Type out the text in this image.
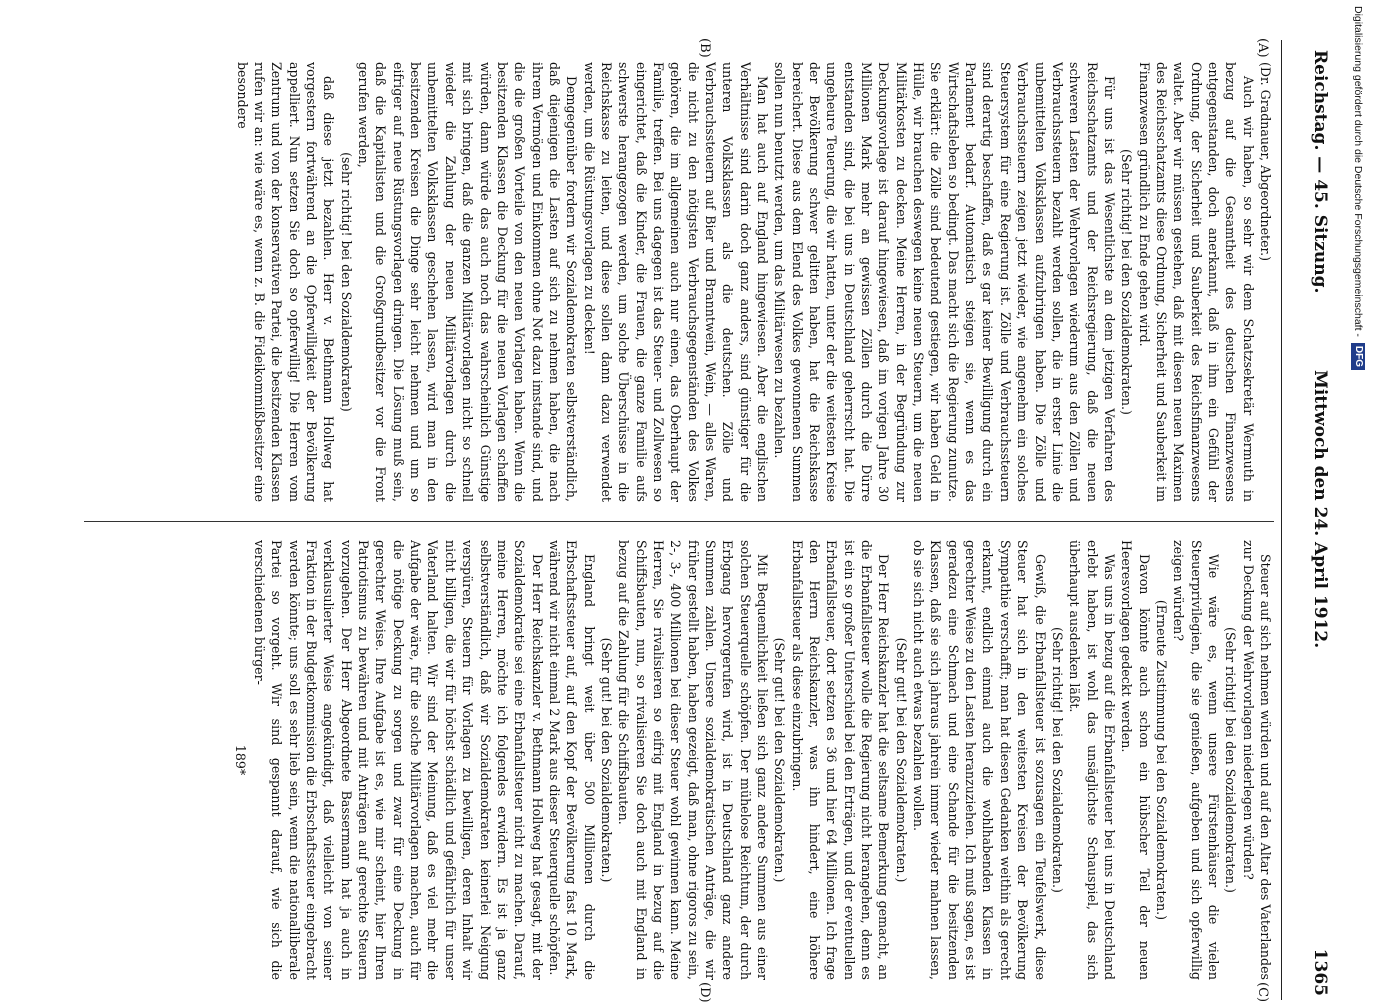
Reichstag. — 45. Sitzung.
Mittwoch den 24. April 1912.
1365
(A)
(B)
(C)
(D)

(Dr. Gradnauer, Abgeordneter.)

Auch wir haben, so sehr wir dem Schatzsekretär Wermuth in bezug auf die Gesamtheit des deutschen Finanzwesens entgegenstanden, doch anerkannt, daß in ihm ein Gefühl der Ordnung, der Sicherheit und Sauberkeit des Reichsfinanzwesens waltet. Aber wir müssen gestehen, daß mit diesen neuen Maximen des Reichsschatzamts diese Ordnung, Sicherheit und Sauberkeit im Finanzwesen gründlich zu Ende gehen wird.

(Sehr richtig! bei den Sozialdemokraten.)

Für uns ist das Wesentlichste an dem jetzigen Verfahren des Reichsschatzamts und der Reichsregierung, daß die neuen schweren Lasten der Wehrvorlagen wiederum aus den Zöllen und Verbrauchssteuern bezahlt werden sollen, die in erster Linie die unbemittelten Volksklassen aufzubringen haben. Die Zölle und Verbrauchssteuern zeigen jetzt wieder, wie angenehm ein solches Steuersystem für eine Regierung ist. Zölle und Verbrauchssteuern sind derartig beschaffen, daß es gar keiner Bewilligung durch ein Parlament bedarf. Automatisch steigen sie, wenn es das Wirtschaftsleben so bedingt. Das macht sich die Regierung zunutze. Sie erklärt: die Zölle sind bedeutend gestiegen, wir haben Geld in Hülle, wir brauchen deswegen keine neuen Steuern, um die neuen Militärkosten zu decken. Meine Herren, in der Begründung zur Deckungsvorlage ist darauf hingewiesen, daß im vorigen Jahre 30 Millionen Mark mehr an gewissen Zöllen durch die Dürre entstanden sind, die bei uns in Deutschland geherrscht hat. Die ungeheure Teuerung, die wir hatten, unter der die weitesten Kreise der Bevölkerung schwer gelitten haben, hat die Reichskasse bereichert. Diese aus dem Elend des Volkes gewonnenen Summen sollen nun benutzt werden, um das Militärwesen zu bezahlen.

Man hat auch auf England hingewiesen. Aber die englischen Verhältnisse sind darin doch ganz anders, sind günstiger für die unteren Volksklassen als die deutschen. Zölle und Verbrauchssteuern auf Bier und Branntwein, Wein, — alles Waren, die nicht zu den nötigsten Verbrauchsgegenständen des Volkes gehören, die im allgemeinen auch nur einen, das Oberhaupt der Familie, treffen. Bei uns dagegen ist das Steuer- und Zollwesen so eingerichtet, daß die Kinder, die Frauen, die ganze Familie aufs schwerste herangezogen werden, um solche Überschüsse in die Reichskasse zu leiten, und diese sollen dann dazu verwendet werden, um die Rüstungsvorlagen zu decken!

Demgegenüber fordern wir Sozialdemokraten selbstverständlich, daß diejenigen die Lasten auf sich zu nehmen haben, die nach ihrem Vermögen und Einkommen ohne Not dazu imstande sind, und die die großen Vorteile von den neuen Vorlagen haben. Wenn die besitzenden Klassen die Deckung für die neuen Vorlagen schaffen würden, dann würde das auch noch das wahrscheinlich Günstige mit sich bringen, daß die ganzen Militärvorlagen nicht so schnell wieder die Zahlung der neuen Militärvorlagen durch die unbemittelten Volksklassen geschehen lassen, wird man in den besitzenden Kreisen die Dinge sehr leicht nehmen und um so eifriger auf neue Rüstungsvorlagen dringen. Die Lösung muß sein, daß die Kapitalisten und die Großgrundbesitzer vor die Front gerufen werden,

(sehr richtig! bei den Sozialdemokraten)

daß diese jetzt bezahlen. Herr v. Bethmann Hollweg hat vorgestern fortwährend an die Opferwilligkeit der Bevölkerung appelliert. Nun setzen Sie doch so opferwillig! Die Herren vom Zentrum und von der konservativen Partei, die besitzenden Klassen rufen wir an: wie wäre es, wenn z. B. die Fideikommißbesitzer eine besondere

Steuer auf sich nehmen würden und auf den Altar des Vaterlandes zur Deckung der Wehrvorlagen niederlegen würden?

(Sehr richtig! bei den Sozialdemokraten.)

Wie wäre es, wenn unsere Fürstenhäuser die vielen Steuerprivilegien, die sie genießen, aufgeben und sich opferwillig zeigen würden?

(Erneute Zustimmung bei den Sozialdemokraten.)

Davon könnte auch schon ein hübscher Teil der neuen Heeresvorlagen gedeckt werden.

Was uns in bezug auf die Erbanfallsteuer bei uns in Deutschland erlebt haben, ist wohl das unsäglichste Schauspiel, das sich überhaupt ausdenken läßt.

(Sehr richtig! bei den Sozialdemokraten.)

Gewiß, die Erbanfallsteuer ist sozusagen ein Teufelswerk, diese Steuer hat sich in den weitesten Kreisen der Bevölkerung Sympathie verschafft; man hat diesen Gedanken weithin als gerecht erkannt, endlich einmal auch die wohlhabenden Klassen in gerechter Weise zu den Lasten heranzuziehen. Ich muß sagen, es ist geradezu eine Schmach und eine Schande für die besitzenden Klassen, daß sie sich jahraus jahrein immer wieder mahnen lassen, ob sie sich nicht auch etwas bezahlen wollen.

(Sehr gut! bei den Sozialdemokraten.)

Der Herr Reichskanzler hat die seltsame Bemerkung gemacht, an die Erbanfallsteuer wolle die Regierung nicht herangehen, denn es ist ein so großer Unterschied bei den Erträgen, und der eventuellen Erbanfallsteuer, dort setzen es 36 und hier 64 Millionen. Ich frage den Herrn Reichskanzler, was ihn hindert, eine höhere Erbanfallsteuer als diese einzubringen.

(Sehr gut! bei den Sozialdemokraten.)

Mit Bequemlichkeit ließen sich ganz andere Summen aus einer solchen Steuerquelle schöpfen. Der mühelose Reichtum, der durch Erbgang hervorgerufen wird, ist in Deutschland ganz andere Summen zahlen. Unsere sozialdemokratischen Anträge, die wir früher gestellt haben, haben gezeigt, daß man, ohne rigoros zu sein, 2-, 3-, 400 Millionen bei dieser Steuer wohl gewinnen kann. Meine Herren, Sie rivalisieren so eifrig mit England in bezug auf die Schiffsbauten, nun, so rivalisieren Sie doch auch mit England in bezug auf die Zahlung für die Schiffsbauten.

(Sehr gut! bei den Sozialdemokraten.)

England bringt weit über 500 Millionen durch die Erbschaftssteuer auf, auf den Kopf der Bevölkerung fast 10 Mark, während wir nicht einmal 2 Mark aus dieser Steuerquelle schöpfen.

Der Herr Reichskanzler v. Bethmann Hollweg hat gesagt, mit der Sozialdemokratie sei eine Erbanfallsteuer nicht zu machen. Darauf, meine Herren, möchte ich folgendes erwidern. Es ist ja ganz selbstverständlich, daß wir Sozialdemokraten keinerlei Neigung verspüren, Steuern für Vorlagen zu bewilligen, deren Inhalt wir nicht billigen, die wir für höchst schädlich und gefährlich für unser Vaterland halten. Wir sind der Meinung, daß es viel mehr die Aufgabe der wäre, für die solche Militärvorlagen machen, auch für die nötige Deckung zu sorgen und zwar für eine Deckung in gerechter Weise. Ihre Aufgabe ist es, wie mir scheint, hier Ihren Patriotismus zu bewähren und mit Anträgen auf gerechte Steuern vorzugehen. Der Herr Abgeordnete Bassermann hat ja auch in verklausulierter Weise angekündigt, daß vielleicht von seiner Fraktion in der Budgetkommission die Erbschaftssteuer eingebracht werden könnte; uns soll es sehr lieb sein, wenn die nationalliberale Partei so vorgeht. Wir sind gespannt darauf, wie sich die verschiedenen bürger-

189*

Digitalisierung gefördert durch die Deutsche Forschungsgemeinschaft -
DFG
